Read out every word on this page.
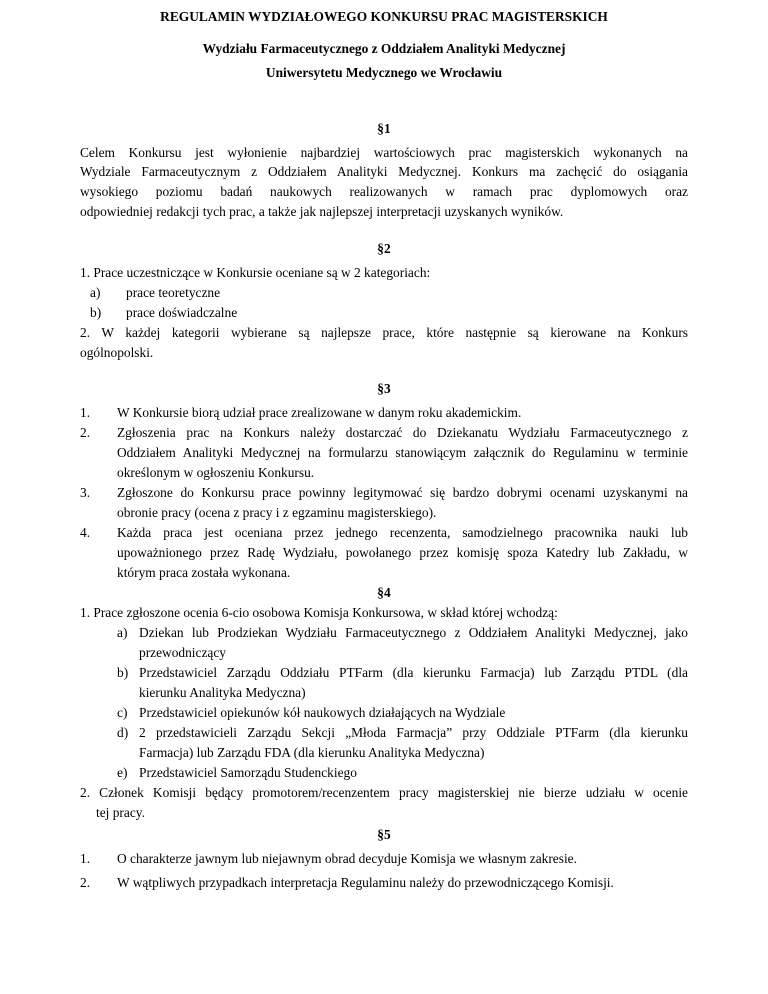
REGULAMIN WYDZIAŁOWEGO KONKURSU PRAC MAGISTERSKICH
Wydziału Farmaceutycznego z Oddziałem Analityki Medycznej
Uniwersytetu Medycznego we Wrocławiu
§1
Celem Konkursu jest wyłonienie najbardziej wartościowych prac magisterskich wykonanych na
Wydziale Farmaceutycznym z Oddziałem Analityki Medycznej. Konkurs ma zachęcić do osiągania
wysokiego poziomu badań naukowych realizowanych w ramach prac dyplomowych oraz
odpowiedniej redakcji tych prac, a także jak najlepszej interpretacji uzyskanych wyników.
§2
1. Prace uczestniczące w Konkursie oceniane są w 2 kategoriach:
a) prace teoretyczne
b) prace doświadczalne
2. W każdej kategorii wybierane są najlepsze prace, które następnie są kierowane na Konkurs
ogólnopolski.
§3
1. W Konkursie biorą udział prace zrealizowane w danym roku akademickim.
2. Zgłoszenia prac na Konkurs należy dostarczać do Dziekanatu Wydziału Farmaceutycznego z
Oddziałem Analityki Medycznej na formularzu stanowiącym załącznik do Regulaminu w terminie
określonym w ogłoszeniu Konkursu.
3. Zgłoszone do Konkursu prace powinny legitymować się bardzo dobrymi ocenami uzyskanymi na
obronie pracy (ocena z pracy i z egzaminu magisterskiego).
4. Każda praca jest oceniana przez jednego recenzenta, samodzielnego pracownika nauki lub
upoważnionego przez Radę Wydziału, powołanego przez komisję spoza Katedry lub Zakładu, w
którym praca została wykonana.
§4
1. Prace zgłoszone ocenia 6-cio osobowa Komisja Konkursowa, w skład której wchodzą:
a) Dziekan lub Prodziekan Wydziału Farmaceutycznego z Oddziałem Analityki Medycznej, jako
przewodniczący
b) Przedstawiciel Zarządu Oddziału PTFarm (dla kierunku Farmacja) lub Zarządu PTDL (dla
kierunku Analityka Medyczna)
c) Przedstawiciel opiekunów kół naukowych działających na Wydziale
d) 2 przedstawicieli Zarządu Sekcji „Młoda Farmacja” przy Oddziale PTFarm (dla kierunku
Farmacja) lub Zarządu FDA (dla kierunku Analityka Medyczna)
e) Przedstawiciel Samorządu Studenckiego
2. Członek Komisji będący promotorem/recenzentem pracy magisterskiej nie bierze udziału w ocenie
tej pracy.
§5
1. O charakterze jawnym lub niejawnym obrad decyduje Komisja we własnym zakresie.
2. W wątpliwych przypadkach interpretacja Regulaminu należy do przewodniczącego Komisji.
